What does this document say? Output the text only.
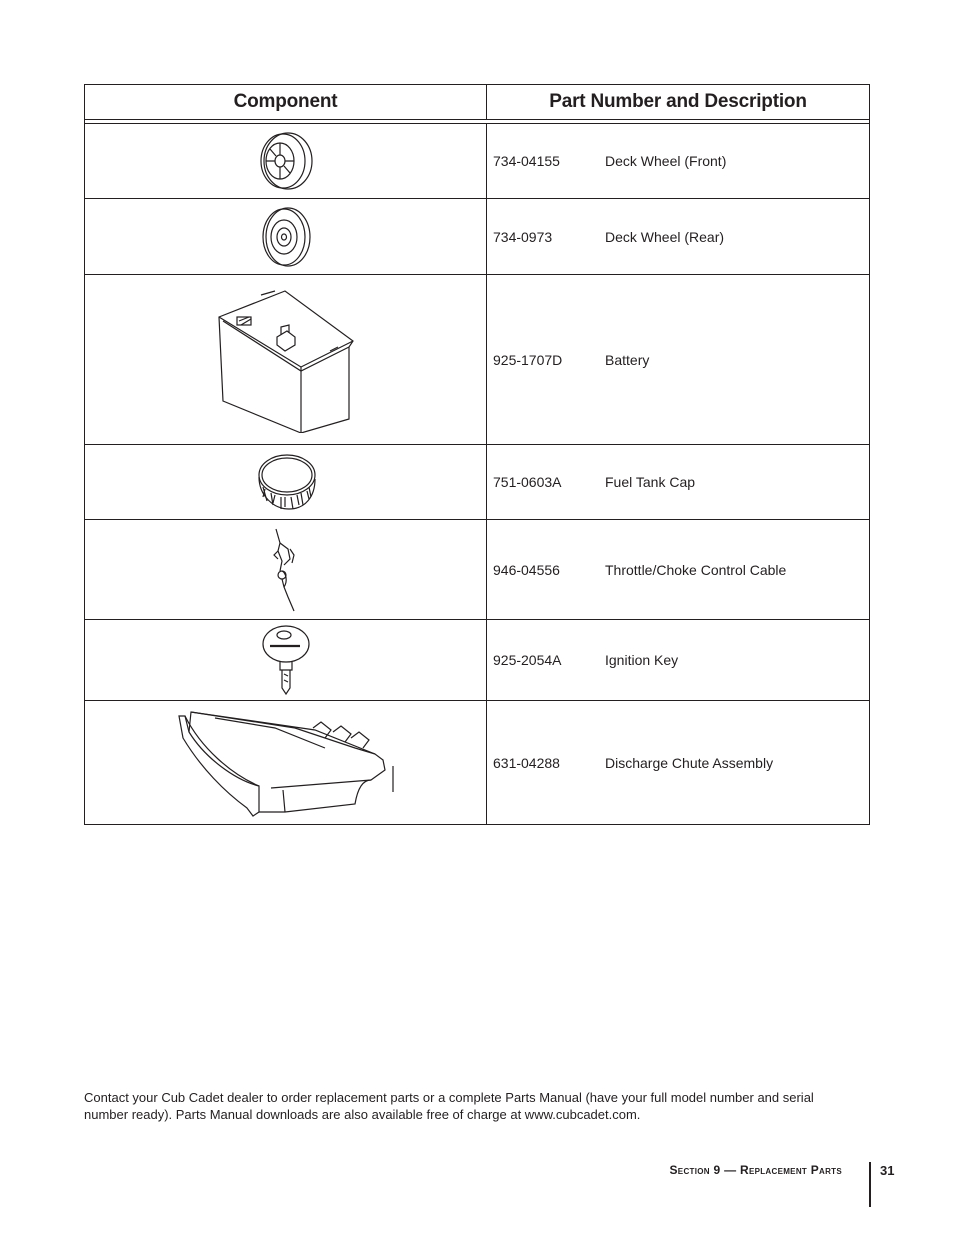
Component	Part Number and Description
734-04155	Deck Wheel (Front)
734-0973	Deck Wheel (Rear)
925-1707D	Battery
751-0603A	Fuel Tank Cap
946-04556	Throttle/Choke Control Cable
925-2054A	Ignition Key
631-04288	Discharge Chute Assembly
Contact your Cub Cadet dealer to order replacement parts or a complete Parts Manual (have your full model number and serial number ready). Parts Manual downloads are also available free of charge at www.cubcadet.com.
Section 9 — Replacement Parts	31
